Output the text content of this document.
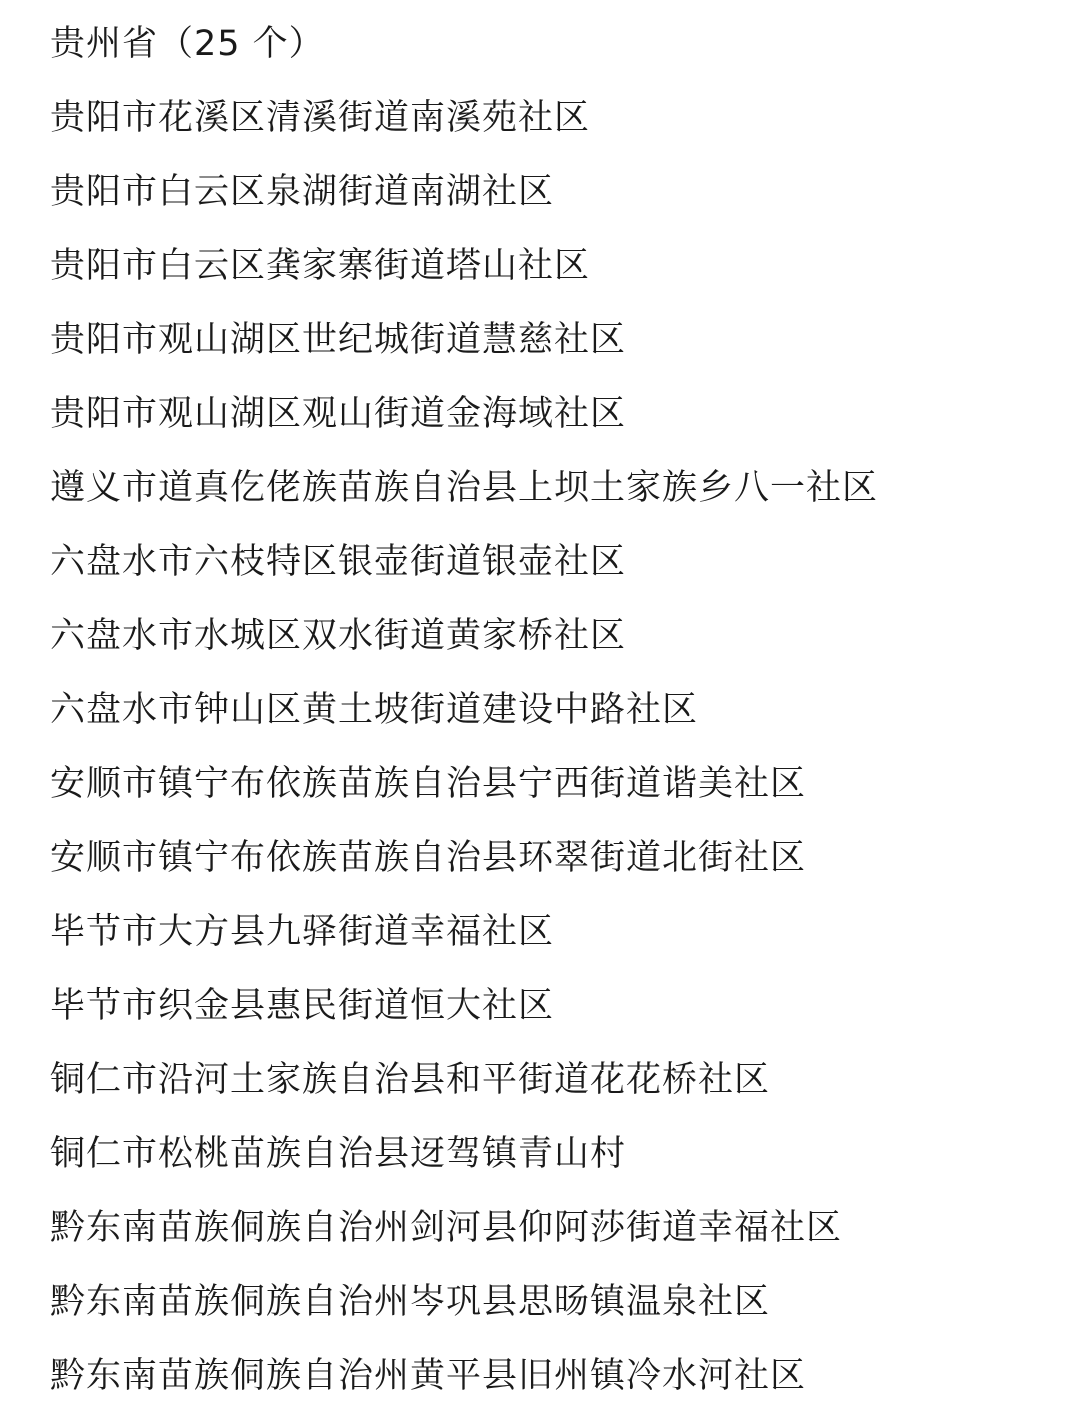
贵州省（25 个）
贵阳市花溪区清溪街道南溪苑社区
贵阳市白云区泉湖街道南湖社区
贵阳市白云区龚家寨街道塔山社区
贵阳市观山湖区世纪城街道慧慈社区
贵阳市观山湖区观山街道金海域社区
遵义市道真仡佬族苗族自治县上坝土家族乡八一社区
六盘水市六枝特区银壶街道银壶社区
六盘水市水城区双水街道黄家桥社区
六盘水市钟山区黄土坡街道建设中路社区
安顺市镇宁布依族苗族自治县宁西街道谐美社区
安顺市镇宁布依族苗族自治县环翠街道北街社区
毕节市大方县九驿街道幸福社区
毕节市织金县惠民街道恒大社区
铜仁市沿河土家族自治县和平街道花花桥社区
铜仁市松桃苗族自治县迓驾镇青山村
黔东南苗族侗族自治州剑河县仰阿莎街道幸福社区
黔东南苗族侗族自治州岑巩县思旸镇温泉社区
黔东南苗族侗族自治州黄平县旧州镇冷水河社区
